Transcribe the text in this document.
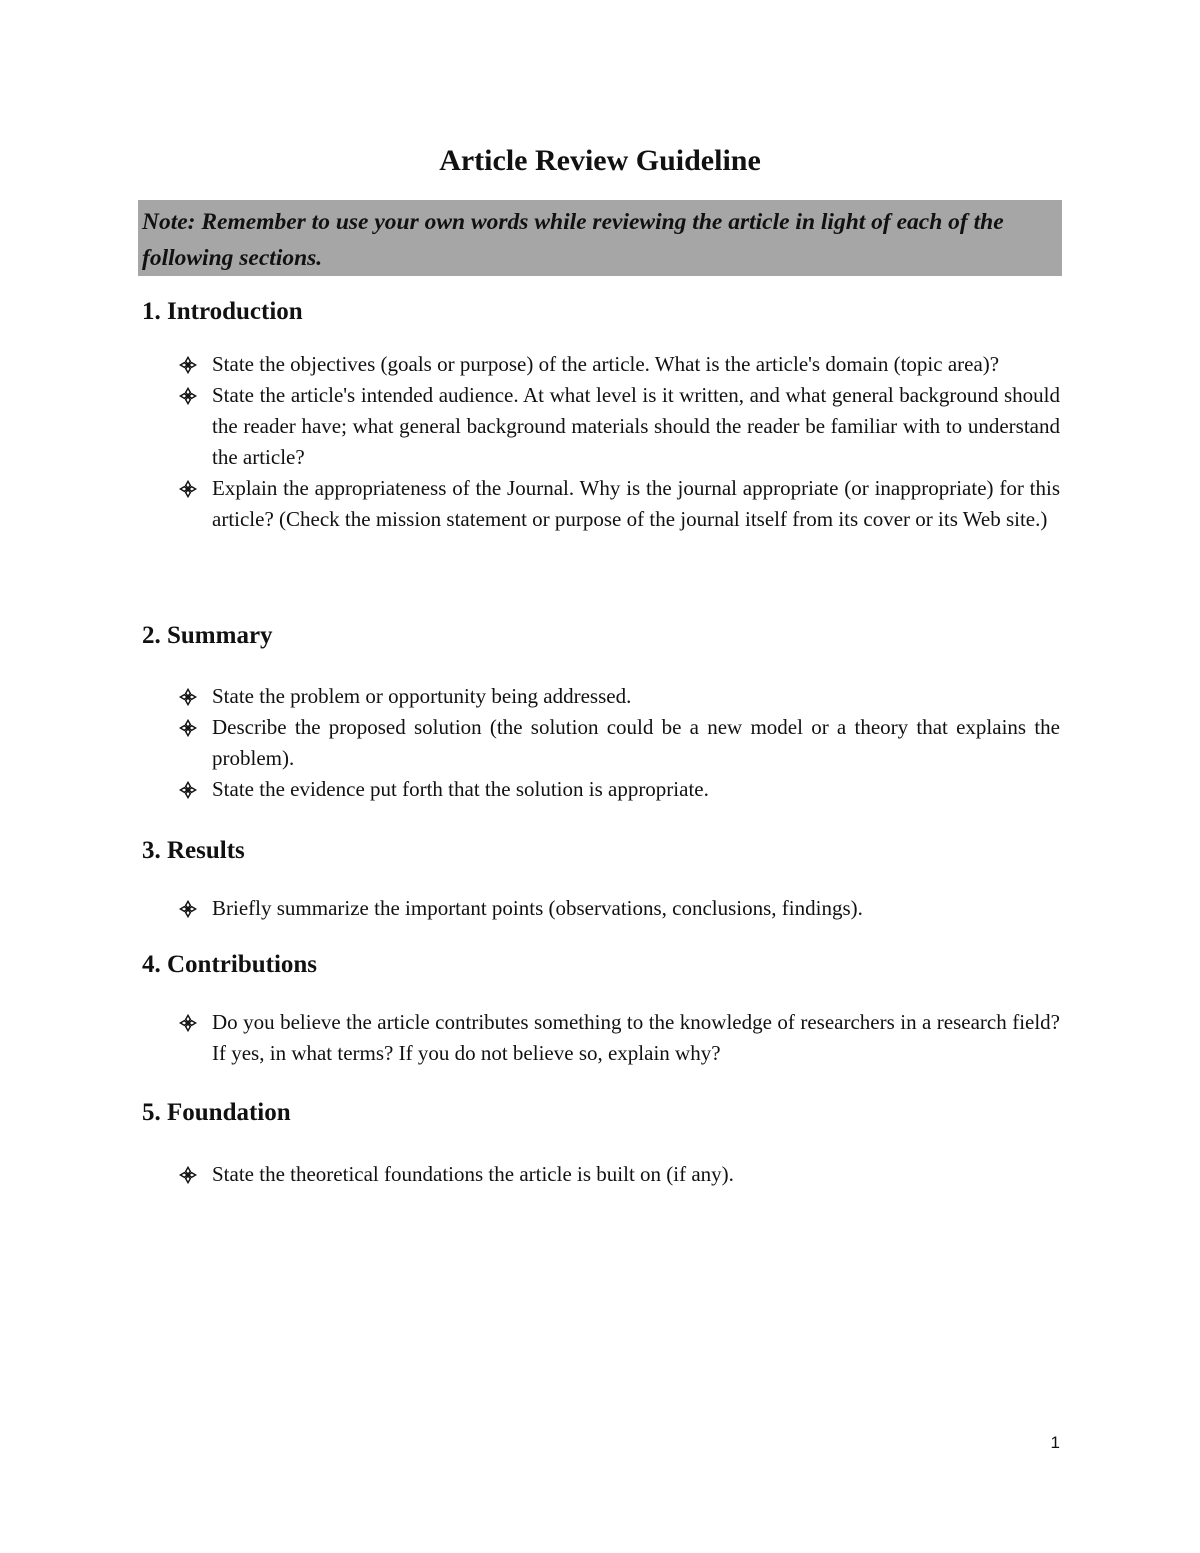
Article Review Guideline
Note: Remember to use your own words while reviewing the article in light of each of the following sections.
1. Introduction
State the objectives (goals or purpose) of the article. What is the article's domain (topic area)?
State the article's intended audience. At what level is it written, and what general background should the reader have; what general background materials should the reader be familiar with to understand the article?
Explain the appropriateness of the Journal. Why is the journal appropriate (or inappropriate) for this article? (Check the mission statement or purpose of the journal itself from its cover or its Web site.)
2. Summary
State the problem or opportunity being addressed.
Describe the proposed solution (the solution could be a new model or a theory that explains the problem).
State the evidence put forth that the solution is appropriate.
3. Results
Briefly summarize the important points (observations, conclusions, findings).
4. Contributions
Do you believe the article contributes something to the knowledge of researchers in a research field? If yes, in what terms? If you do not believe so, explain why?
5. Foundation
State the theoretical foundations the article is built on (if any).
1
